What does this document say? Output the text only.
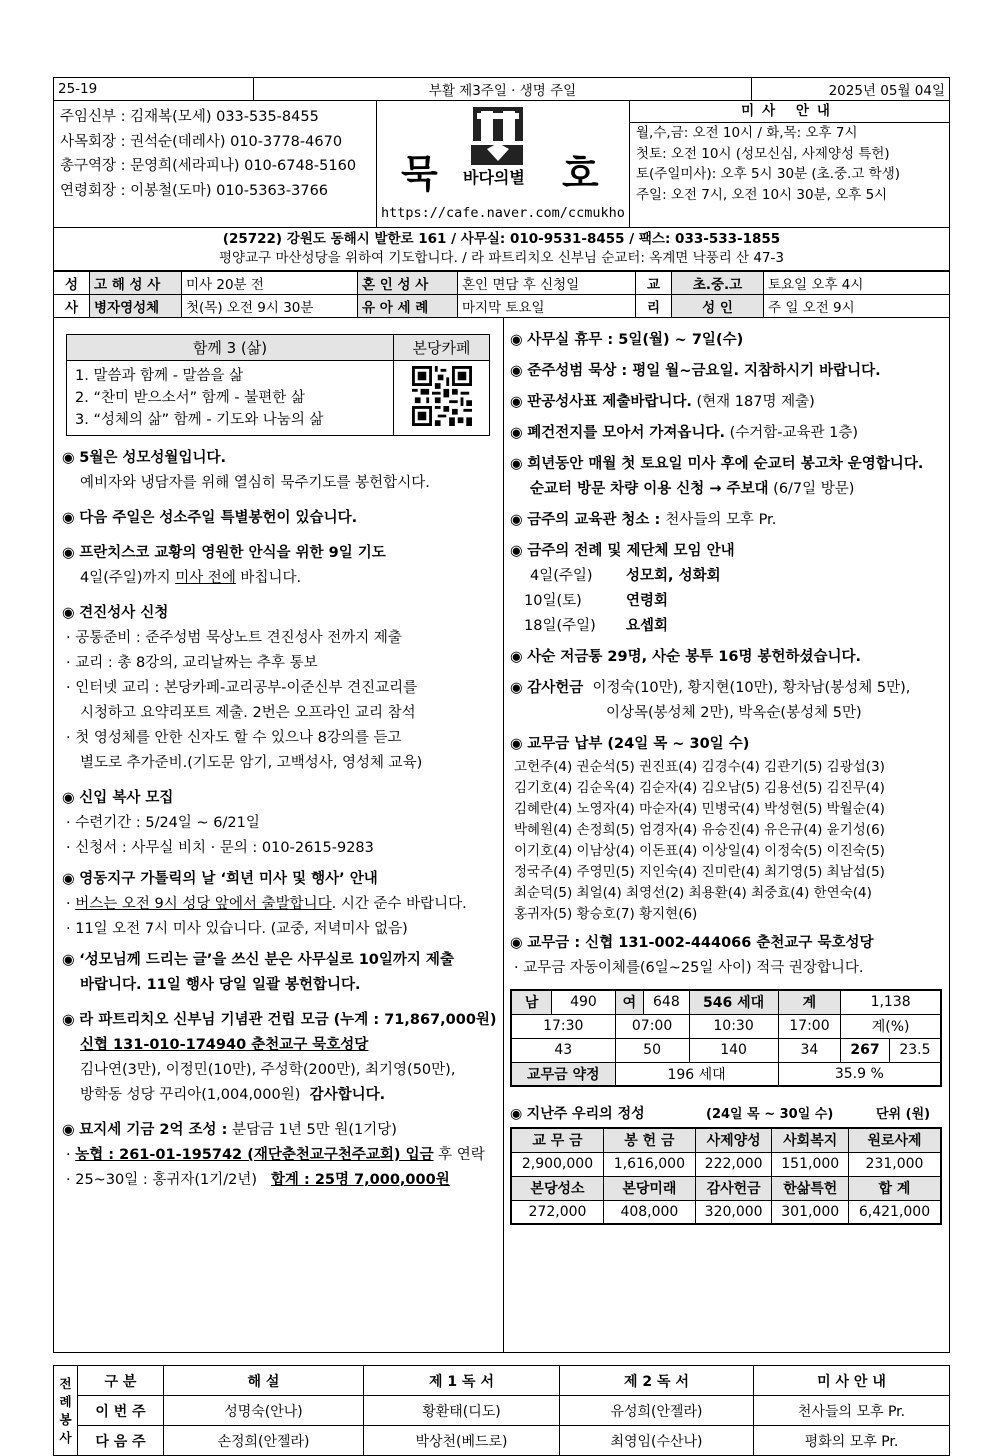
25-19	부활 제3주일 · 생명 주일	2025년 05월 04일
주임신부 : 김재복(모세) 033-535-8455
사목회장 : 권석순(데레사) 010-3778-4670
총구역장 : 문영희(세라피나) 010-6748-5160
연령회장 : 이봉철(도마) 010-5363-3766	묵 바다의별 호
https://cafe.naver.com/ccmukho
미사 안내
월,수,금: 오전 10시 / 화,목: 오후 7시
첫토: 오전 10시 (성모신심, 사제양성 특헌)
토(주일미사): 오후 5시 30분 (초.중.고 학생)
주일: 오전 7시, 오전 10시 30분, 오후 5시
(25722) 강원도 동해시 발한로 161 / 사무실: 010-9531-8455 / 팩스: 033-533-1855
평양교구 마산성당을 위하여 기도합니다. / 라 파트리치오 신부님 순교터: 옥계면 낙풍리 산 47-3
성	고 해 성 사	미사 20분 전	혼 인 성 사	혼인 면담 후 신청일	교	초.중.고	토요일 오후 4시
사	병자영성체	첫(목) 오전 9시 30분	유 아 세 례	마지막 토요일	리	성 인	주 일 오전 9시
함께 3 (삶)	본당카페

1. 말씀과 함께 - 말씀을 삶
2. “찬미 받으소서” 함께 - 불편한 삶
3. “성체의 삶” 함께 - 기도와 나눔의 삶

◉ 5월은 성모성월입니다.
예비자와 냉담자를 위해 열심히 묵주기도를 봉헌합시다.
◉ 다음 주일은 성소주일 특별봉헌이 있습니다.
◉ 프란치스코 교황의 영원한 안식을 위한 9일 기도
4일(주일)까지 미사 전에 바칩니다.
◉ 견진성사 신청
· 공통준비 : 준주성범 묵상노트 견진성사 전까지 제출
· 교리 : 총 8강의, 교리날짜는 추후 통보
· 인터넷 교리 : 본당카페-교리공부-이준신부 견진교리를
시청하고 요약리포트 제출. 2번은 오프라인 교리 참석
· 첫 영성체를 안한 신자도 할 수 있으나 8강의를 듣고
별도로 추가준비.(기도문 암기, 고백성사, 영성체 교육)
◉ 신입 복사 모집
· 수련기간 : 5/24일 ~ 6/21일
· 신청서 : 사무실 비치 · 문의 : 010-2615-9283
◉ 영동지구 가톨릭의 날 ‘희년 미사 및 행사’ 안내
· 버스는 오전 9시 성당 앞에서 출발합니다. 시간 준수 바랍니다.
· 11일 오전 7시 미사 있습니다. (교중, 저녁미사 없음)
◉ ‘성모님께 드리는 글’을 쓰신 분은 사무실로 10일까지 제출
바랍니다. 11일 행사 당일 일괄 봉헌합니다.
◉ 라 파트리치오 신부님 기념관 건립 모금 (누계 : 71,867,000원)
신협 131-010-174940 춘천교구 묵호성당
김나연(3만), 이정민(10만), 주성학(200만), 최기영(50만),
방학동 성당 꾸리아(1,004,000원) 감사합니다.
◉ 묘지세 기금 2억 조성 : 분담금 1년 5만 원(1기당)
· 농협 : 261-01-195742 (재단춘천교구천주교회) 입금 후 연락
· 25~30일 : 홍귀자(1기/2년) 합계 : 25명 7,000,000원
◉ 사무실 휴무 : 5일(월) ~ 7일(수)
◉ 준주성범 묵상 : 평일 월~금요일. 지참하시기 바랍니다.
◉ 판공성사표 제출바랍니다. (현재 187명 제출)
◉ 폐건전지를 모아서 가져옵니다. (수거함-교육관 1층)
◉ 희년동안 매월 첫 토요일 미사 후에 순교터 봉고차 운영합니다.
순교터 방문 차량 이용 신청 → 주보대 (6/7일 방문)
◉ 금주의 교육관 청소 : 천사들의 모후 Pr.
◉ 금주의 전례 및 제단체 모임 안내
4일(주일)	성모회, 성화회
10일(토)	연령회
18일(주일)	요셉회
◉ 사순 저금통 29명, 사순 봉투 16명 봉헌하셨습니다.
◉ 감사헌금 이정숙(10만), 황지현(10만), 황차남(봉성체 5만),
이상목(봉성체 2만), 박옥순(봉성체 5만)
◉ 교무금 납부 (24일 목 ~ 30일 수)
고헌주(4) 권순석(5) 권진표(4) 김경수(4) 김관기(5) 김광섭(3)
김기호(4) 김순옥(4) 김순자(4) 김오남(5) 김용선(5) 김진무(4)
김혜란(4) 노영자(4) 마순자(4) 민병국(4) 박성현(5) 박월순(4)
박혜원(4) 손정희(5) 엄경자(4) 유승진(4) 유은규(4) 윤기성(6)
이기호(4) 이남상(4) 이돈표(4) 이상일(4) 이정숙(5) 이진숙(5)
정국주(4) 주영민(5) 지인숙(4) 진미란(4) 최기영(5) 최남섭(5)
최순덕(5) 최얼(4) 최영선(2) 최용환(4) 최중효(4) 한연숙(4)
홍귀자(5) 황승호(7) 황지현(6)
◉ 교무금 : 신협 131-002-444066 춘천교구 묵호성당
· 교무금 자동이체를(6일~25일 사이) 적극 권장합니다.
남	490	여	648	546 세대	계	1,138	
17:30		07:00		10:30	17:00	계(%)	
43		50		140	34	267	23.5
교무금 약정		196 세대			35.9 %		
◉ 지난주 우리의 정성	(24일 목 ~ 30일 수)	단위 (원)
교 무 금	봉 헌 금	사제양성	사회복지	원로사제
2,900,000	1,616,000	222,000	151,000	231,000
본당성소	본당미래	감사헌금	한삶특헌	합 계
272,000	408,000	320,000	301,000	6,421,000
전
례
봉
사	구 분	해 설	제 1 독 서	제 2 독 서	미 사 안 내
	이 번 주	성명숙(안나)	황환태(디도)	유성희(안젤라)	천사들의 모후 Pr.
	다 음 주	손정희(안젤라)	박상천(베드로)	최영임(수산나)	평화의 모후 Pr.
